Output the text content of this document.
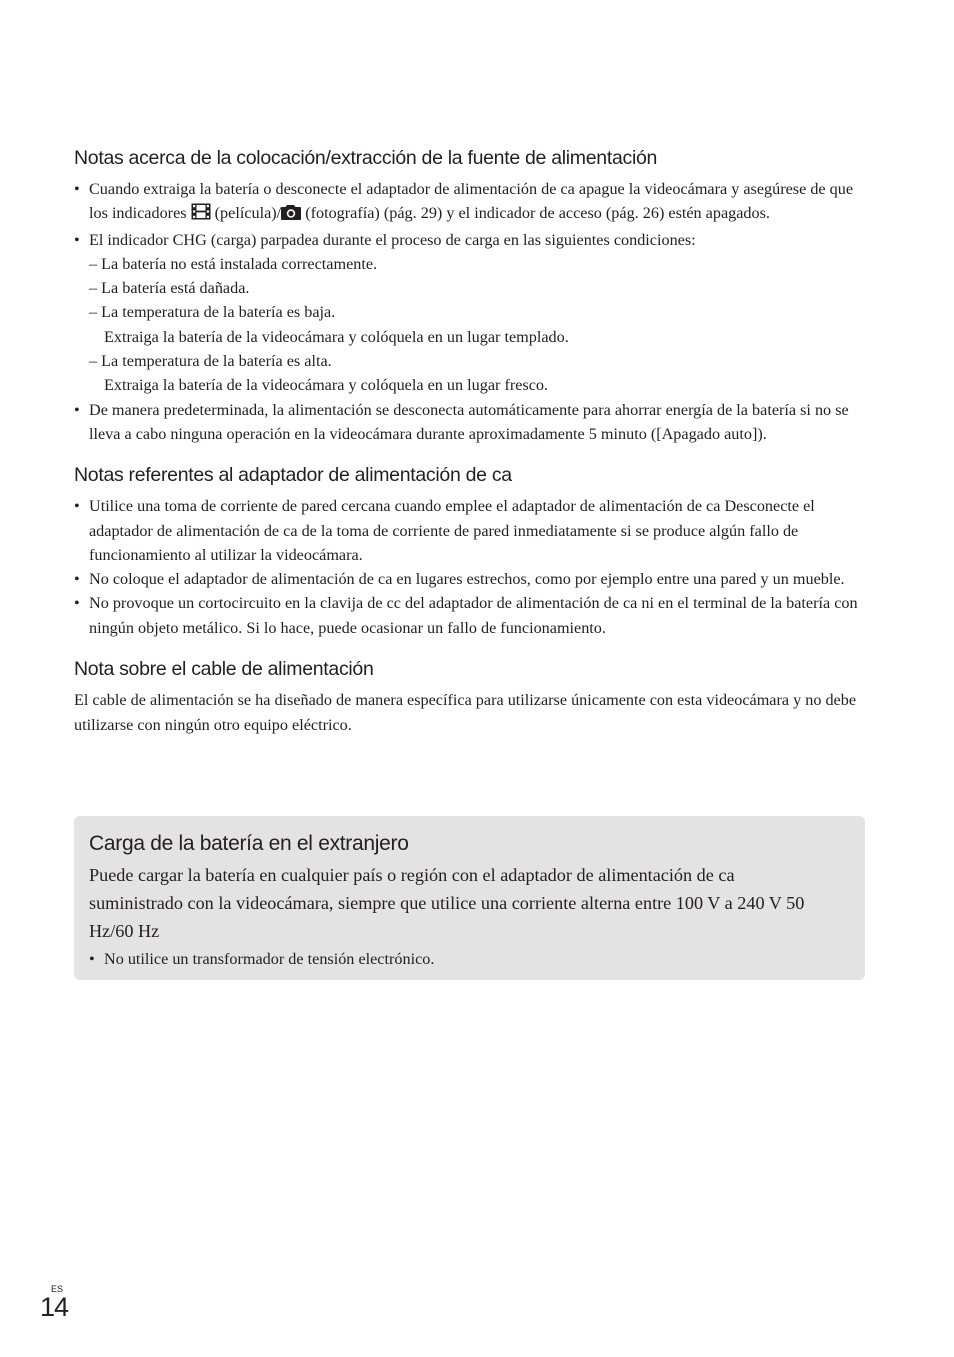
Notas acerca de la colocación/extracción de la fuente de alimentación
• Cuando extraiga la batería o desconecte el adaptador de alimentación de ca apague la videocámara y asegúrese de que los indicadores (película)/ (fotografía) (pág. 29) y el indicador de acceso (pág. 26) estén apagados.
• El indicador CHG (carga) parpadea durante el proceso de carga en las siguientes condiciones:
– La batería no está instalada correctamente.
– La batería está dañada.
– La temperatura de la batería es baja.
Extraiga la batería de la videocámara y colóquela en un lugar templado.
– La temperatura de la batería es alta.
Extraiga la batería de la videocámara y colóquela en un lugar fresco.
• De manera predeterminada, la alimentación se desconecta automáticamente para ahorrar energía de la batería si no se lleva a cabo ninguna operación en la videocámara durante aproximadamente 5 minuto ([Apagado auto]).
Notas referentes al adaptador de alimentación de ca
• Utilice una toma de corriente de pared cercana cuando emplee el adaptador de alimentación de ca Desconecte el adaptador de alimentación de ca de la toma de corriente de pared inmediatamente si se produce algún fallo de funcionamiento al utilizar la videocámara.
• No coloque el adaptador de alimentación de ca en lugares estrechos, como por ejemplo entre una pared y un mueble.
• No provoque un cortocircuito en la clavija de cc del adaptador de alimentación de ca ni en el terminal de la batería con ningún objeto metálico. Si lo hace, puede ocasionar un fallo de funcionamiento.
Nota sobre el cable de alimentación

El cable de alimentación se ha diseñado de manera específica para utilizarse únicamente con esta videocámara y no debe utilizarse con ningún otro equipo eléctrico.

Carga de la batería en el extranjero

Puede cargar la batería en cualquier país o región con el adaptador de alimentación de ca suministrado con la videocámara, siempre que utilice una corriente alterna entre 100 V a 240 V 50 Hz/60 Hz

• No utilice un transformador de tensión electrónico.
ES
14
